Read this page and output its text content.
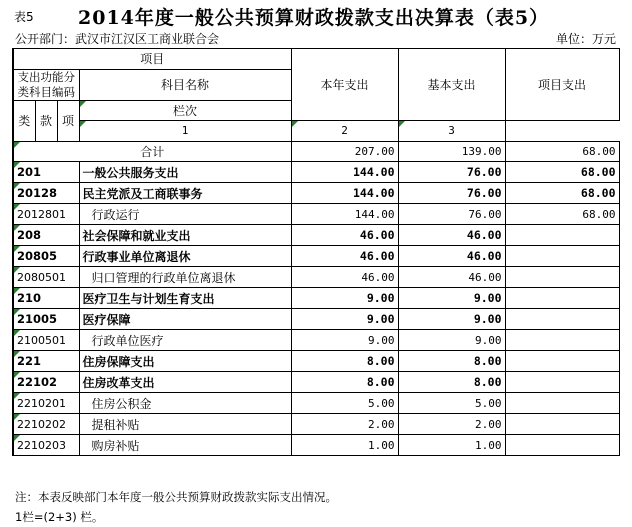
表5 2014年度一般公共预算财政拨款支出决算表（表5）
公开部门：武汉市江汉区工商业联合会	单位：万元
项目				本年支出	基本支出	项目支出
支出功能分类科目编码			科目名称			

类	款	项	栏次			
			1	2	3	
合计				207.00	139.00	68.00
201			一般公共服务支出	144.00	76.00	68.00
20128			民主党派及工商联事务	144.00	76.00	68.00
2012801			行政运行	144.00	76.00	68.00
208			社会保障和就业支出	46.00	46.00	
20805			行政事业单位离退休	46.00	46.00	
2080501			归口管理的行政单位离退休	46.00	46.00	
210			医疗卫生与计划生育支出	9.00	9.00	
21005			医疗保障	9.00	9.00	
2100501			行政单位医疗	9.00	9.00	
221			住房保障支出	8.00	8.00	
22102			住房改革支出	8.00	8.00	
2210201			住房公积金	5.00	5.00	
2210202			提租补贴	2.00	2.00	
2210203			购房补贴	1.00	1.00	
注：本表反映部门本年度一般公共预算财政拨款实际支出情况。
1栏=(2+3) 栏。
